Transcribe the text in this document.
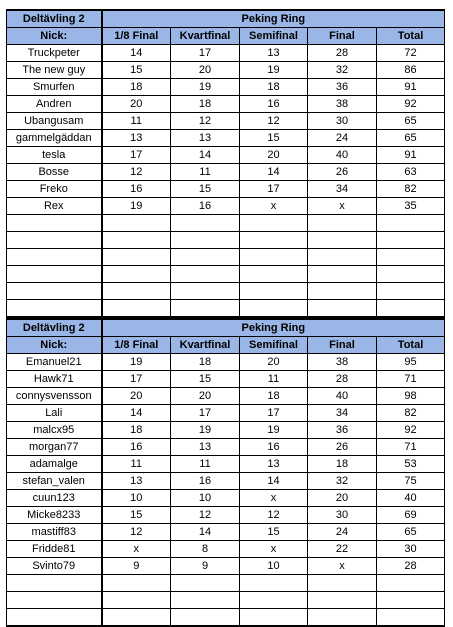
Deltävling 2	Peking Ring				
Nick:	1/8 Final	Kvartfinal	Semifinal	Final	Total
Truckpeter	14	17	13	28	72
The new guy	15	20	19	32	86
Smurfen	18	19	18	36	91
Andren	20	18	16	38	92
Ubangusam	11	12	12	30	65
gammelgäddan	13	13	15	24	65
tesla	17	14	20	40	91
Bosse	12	11	14	26	63
Freko	16	15	17	34	82
Rex	19	16	x	x	35

Deltävling 2	Peking Ring				
Nick:	1/8 Final	Kvartfinal	Semifinal	Final	Total
Emanuel21	19	18	20	38	95
Hawk71	17	15	11	28	71
connysvensson	20	20	18	40	98
Lali	14	17	17	34	82
malcx95	18	19	19	36	92
morgan77	16	13	16	26	71
adamalge	11	11	13	18	53
stefan_valen	13	16	14	32	75
cuun123	10	10	x	20	40
Micke8233	15	12	12	30	69
mastiff83	12	14	15	24	65
Fridde81	x	8	x	22	30
Svinto79	9	9	10	x	28
